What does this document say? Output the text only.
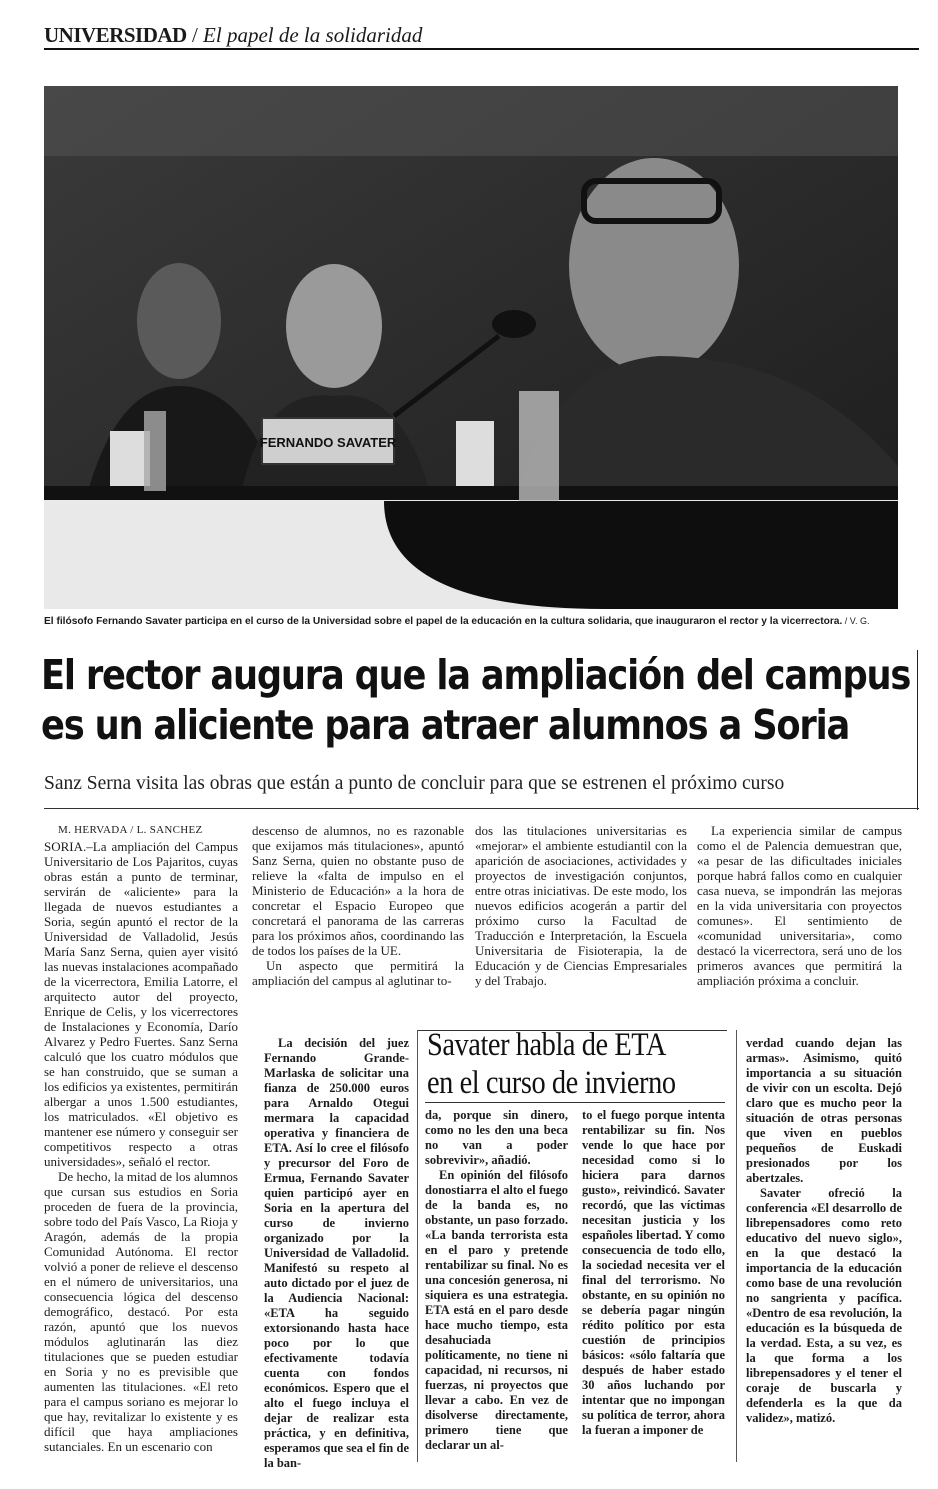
UNIVERSIDAD / El papel de la solidaridad
FERNANDO SAVATER
El filósofo Fernando Savater participa en el curso de la Universidad sobre el papel de la educación en la cultura solidaria, que inauguraron el rector y la vicerrectora. / V. G.
El rector augura que la ampliación del campus
es un aliciente para atraer alumnos a Soria
Sanz Serna visita las obras que están a punto de concluir para que se estrenen el próximo curso
M. HERVADA / L. SANCHEZ

SORIA.–La ampliación del Campus Universitario de Los Pajaritos, cuyas obras están a punto de terminar, servirán de «aliciente» para la llegada de nuevos estudiantes a Soria, según apuntó el rector de la Universidad de Valladolid, Jesús María Sanz Serna, quien ayer visitó las nuevas instalaciones acompañado de la vicerrectora, Emilia Latorre, el arquitecto autor del proyecto, Enrique de Celis, y los vicerrectores de Instalaciones y Economía, Darío Alvarez y Pedro Fuertes. Sanz Serna calculó que los cuatro módulos que se han construido, que se suman a los edificios ya existentes, permitirán albergar a unos 1.500 estudiantes, los matriculados. «El objetivo es mantener ese número y conseguir ser competitivos respecto a otras universidades», señaló el rector.

De hecho, la mitad de los alumnos que cursan sus estudios en Soria proceden de fuera de la provincia, sobre todo del País Vasco, La Rioja y Aragón, además de la propia Comunidad Autónoma. El rector volvió a poner de relieve el descenso en el número de universitarios, una consecuencia lógica del descenso demográfico, destacó. Por esta razón, apuntó que los nuevos módulos aglutinarán las diez titulaciones que se pueden estudiar en Soria y no es previsible que aumenten las titulaciones. «El reto para el campus soriano es mejorar lo que hay, revitalizar lo existente y es difícil que haya ampliaciones sutanciales. En un escenario con

descenso de alumnos, no es razonable que exijamos más titulaciones», apuntó Sanz Serna, quien no obstante puso de relieve la «falta de impulso en el Ministerio de Educación» a la hora de concretar el Espacio Europeo que concretará el panorama de las carreras para los próximos años, coordinando las de todos los países de la UE.

Un aspecto que permitirá la ampliación del campus al aglutinar to-

dos las titulaciones universitarias es «mejorar» el ambiente estudiantil con la aparición de asociaciones, actividades y proyectos de investigación conjuntos, entre otras iniciativas. De este modo, los nuevos edificios acogerán a partir del próximo curso la Facultad de Traducción e Interpretación, la Escuela Universitaria de Fisioterapia, la de Educación y de Ciencias Empresariales y del Trabajo.

La experiencia similar de campus como el de Palencia demuestran que, «a pesar de las dificultades iniciales porque habrá fallos como en cualquier casa nueva, se impondrán las mejoras en la vida universitaria con proyectos comunes». El sentimiento de «comunidad universitaria», como destacó la vicerrectora, será uno de los primeros avances que permitirá la ampliación próxima a concluir.

La decisión del juez Fernando Grande-Marlaska de solicitar una fianza de 250.000 euros para Arnaldo Otegui mermara la capacidad operativa y financiera de ETA. Así lo cree el filósofo y precursor del Foro de Ermua, Fernando Savater quien participó ayer en Soria en la apertura del curso de invierno organizado por la Universidad de Valladolid. Manifestó su respeto al auto dictado por el juez de la Audiencia Nacional: «ETA ha seguido extorsionando hasta hace poco por lo que efectivamente todavía cuenta con fondos económicos. Espero que el alto el fuego incluya el dejar de realizar esta práctica, y en definitiva, esperamos que sea el fin de la ban-

Savater habla de ETA
en el curso de invierno

da, porque sin dinero, como no les den una beca no van a poder sobrevivir», añadió.

En opinión del filósofo donostiarra el alto el fuego de la banda es, no obstante, un paso forzado. «La banda terrorista esta en el paro y pretende rentabilizar su final. No es una concesión generosa, ni siquiera es una estrategia. ETA está en el paro desde hace mucho tiempo, esta desahuciada políticamente, no tiene ni capacidad, ni recursos, ni fuerzas, ni proyectos que llevar a cabo. En vez de disolverse directamente, primero tiene que declarar un al-

to el fuego porque intenta rentabilizar su fin. Nos vende lo que hace por necesidad como si lo hiciera para darnos gusto», reivindicó. Savater recordó, que las víctimas necesitan justicia y los españoles libertad. Y como consecuencia de todo ello, la sociedad necesita ver el final del terrorismo. No obstante, en su opinión no se debería pagar ningún rédito político por esta cuestión de principios básicos: «sólo faltaría que después de haber estado 30 años luchando por intentar que no impongan su política de terror, ahora la fueran a imponer de

verdad cuando dejan las armas». Asimismo, quitó importancia a su situación de vivir con un escolta. Dejó claro que es mucho peor la situación de otras personas que viven en pueblos pequeños de Euskadi presionados por los abertzales.

Savater ofreció la conferencia «El desarrollo de librepensadores como reto educativo del nuevo siglo», en la que destacó la importancia de la educación como base de una revolución no sangrienta y pacífica. «Dentro de esa revolución, la educación es la búsqueda de la verdad. Esta, a su vez, es la que forma a los librepensadores y el tener el coraje de buscarla y defenderla es la que da validez», matizó.
